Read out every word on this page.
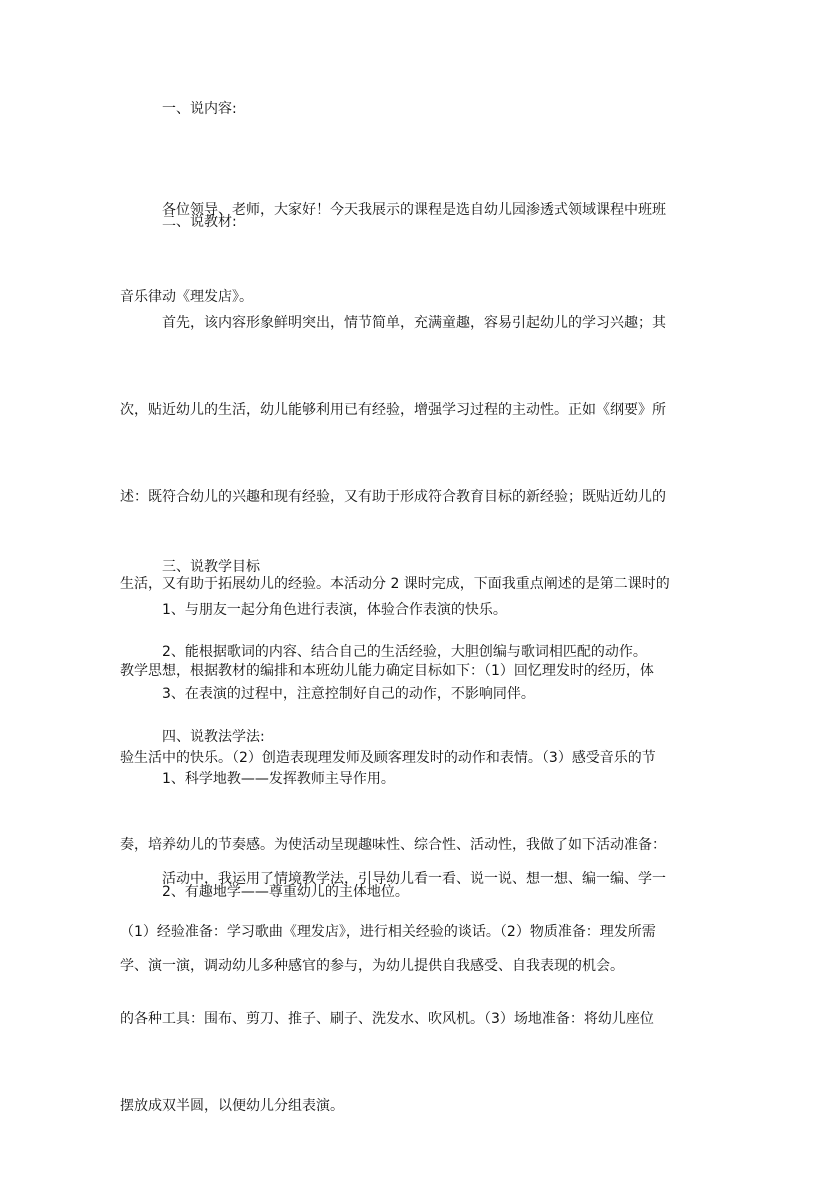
一、说内容:

各位领导、老师，大家好！今天我展示的课程是选自幼儿园渗透式领域课程中班班

音乐律动《理发店》。

二、说教材:

首先，该内容形象鲜明突出，情节简单，充满童趣，容易引起幼儿的学习兴趣；其

次，贴近幼儿的生活，幼儿能够利用已有经验，增强学习过程的主动性。正如《纲要》所

述：既符合幼儿的兴趣和现有经验，又有助于形成符合教育目标的新经验；既贴近幼儿的

生活，又有助于拓展幼儿的经验。本活动分 2 课时完成，下面我重点阐述的是第二课时的

教学思想，根据教材的编排和本班幼儿能力确定目标如下：（1）回忆理发时的经历，体

验生活中的快乐。（2）创造表现理发师及顾客理发时的动作和表情。（3）感受音乐的节

奏，培养幼儿的节奏感。为使活动呈现趣味性、综合性、活动性，我做了如下活动准备：

（1）经验准备：学习歌曲《理发店》，进行相关经验的谈话。（2）物质准备：理发所需

的各种工具：围布、剪刀、推子、刷子、洗发水、吹风机。（3）场地准备：将幼儿座位

摆放成双半圆，以便幼儿分组表演。

三、说教学目标

1、与朋友一起分角色进行表演，体验合作表演的快乐。

2、能根据歌词的内容、结合自己的生活经验，大胆创编与歌词相匹配的动作。

3、在表演的过程中，注意控制好自己的动作，不影响同伴。

四、说教法学法:

1、科学地教——发挥教师主导作用。

活动中，我运用了情境教学法，引导幼儿看一看、说一说、想一想、编一编、学一

学、演一演，调动幼儿多种感官的参与，为幼儿提供自我感受、自我表现的机会。

2、有趣地学——尊重幼儿的主体地位。
